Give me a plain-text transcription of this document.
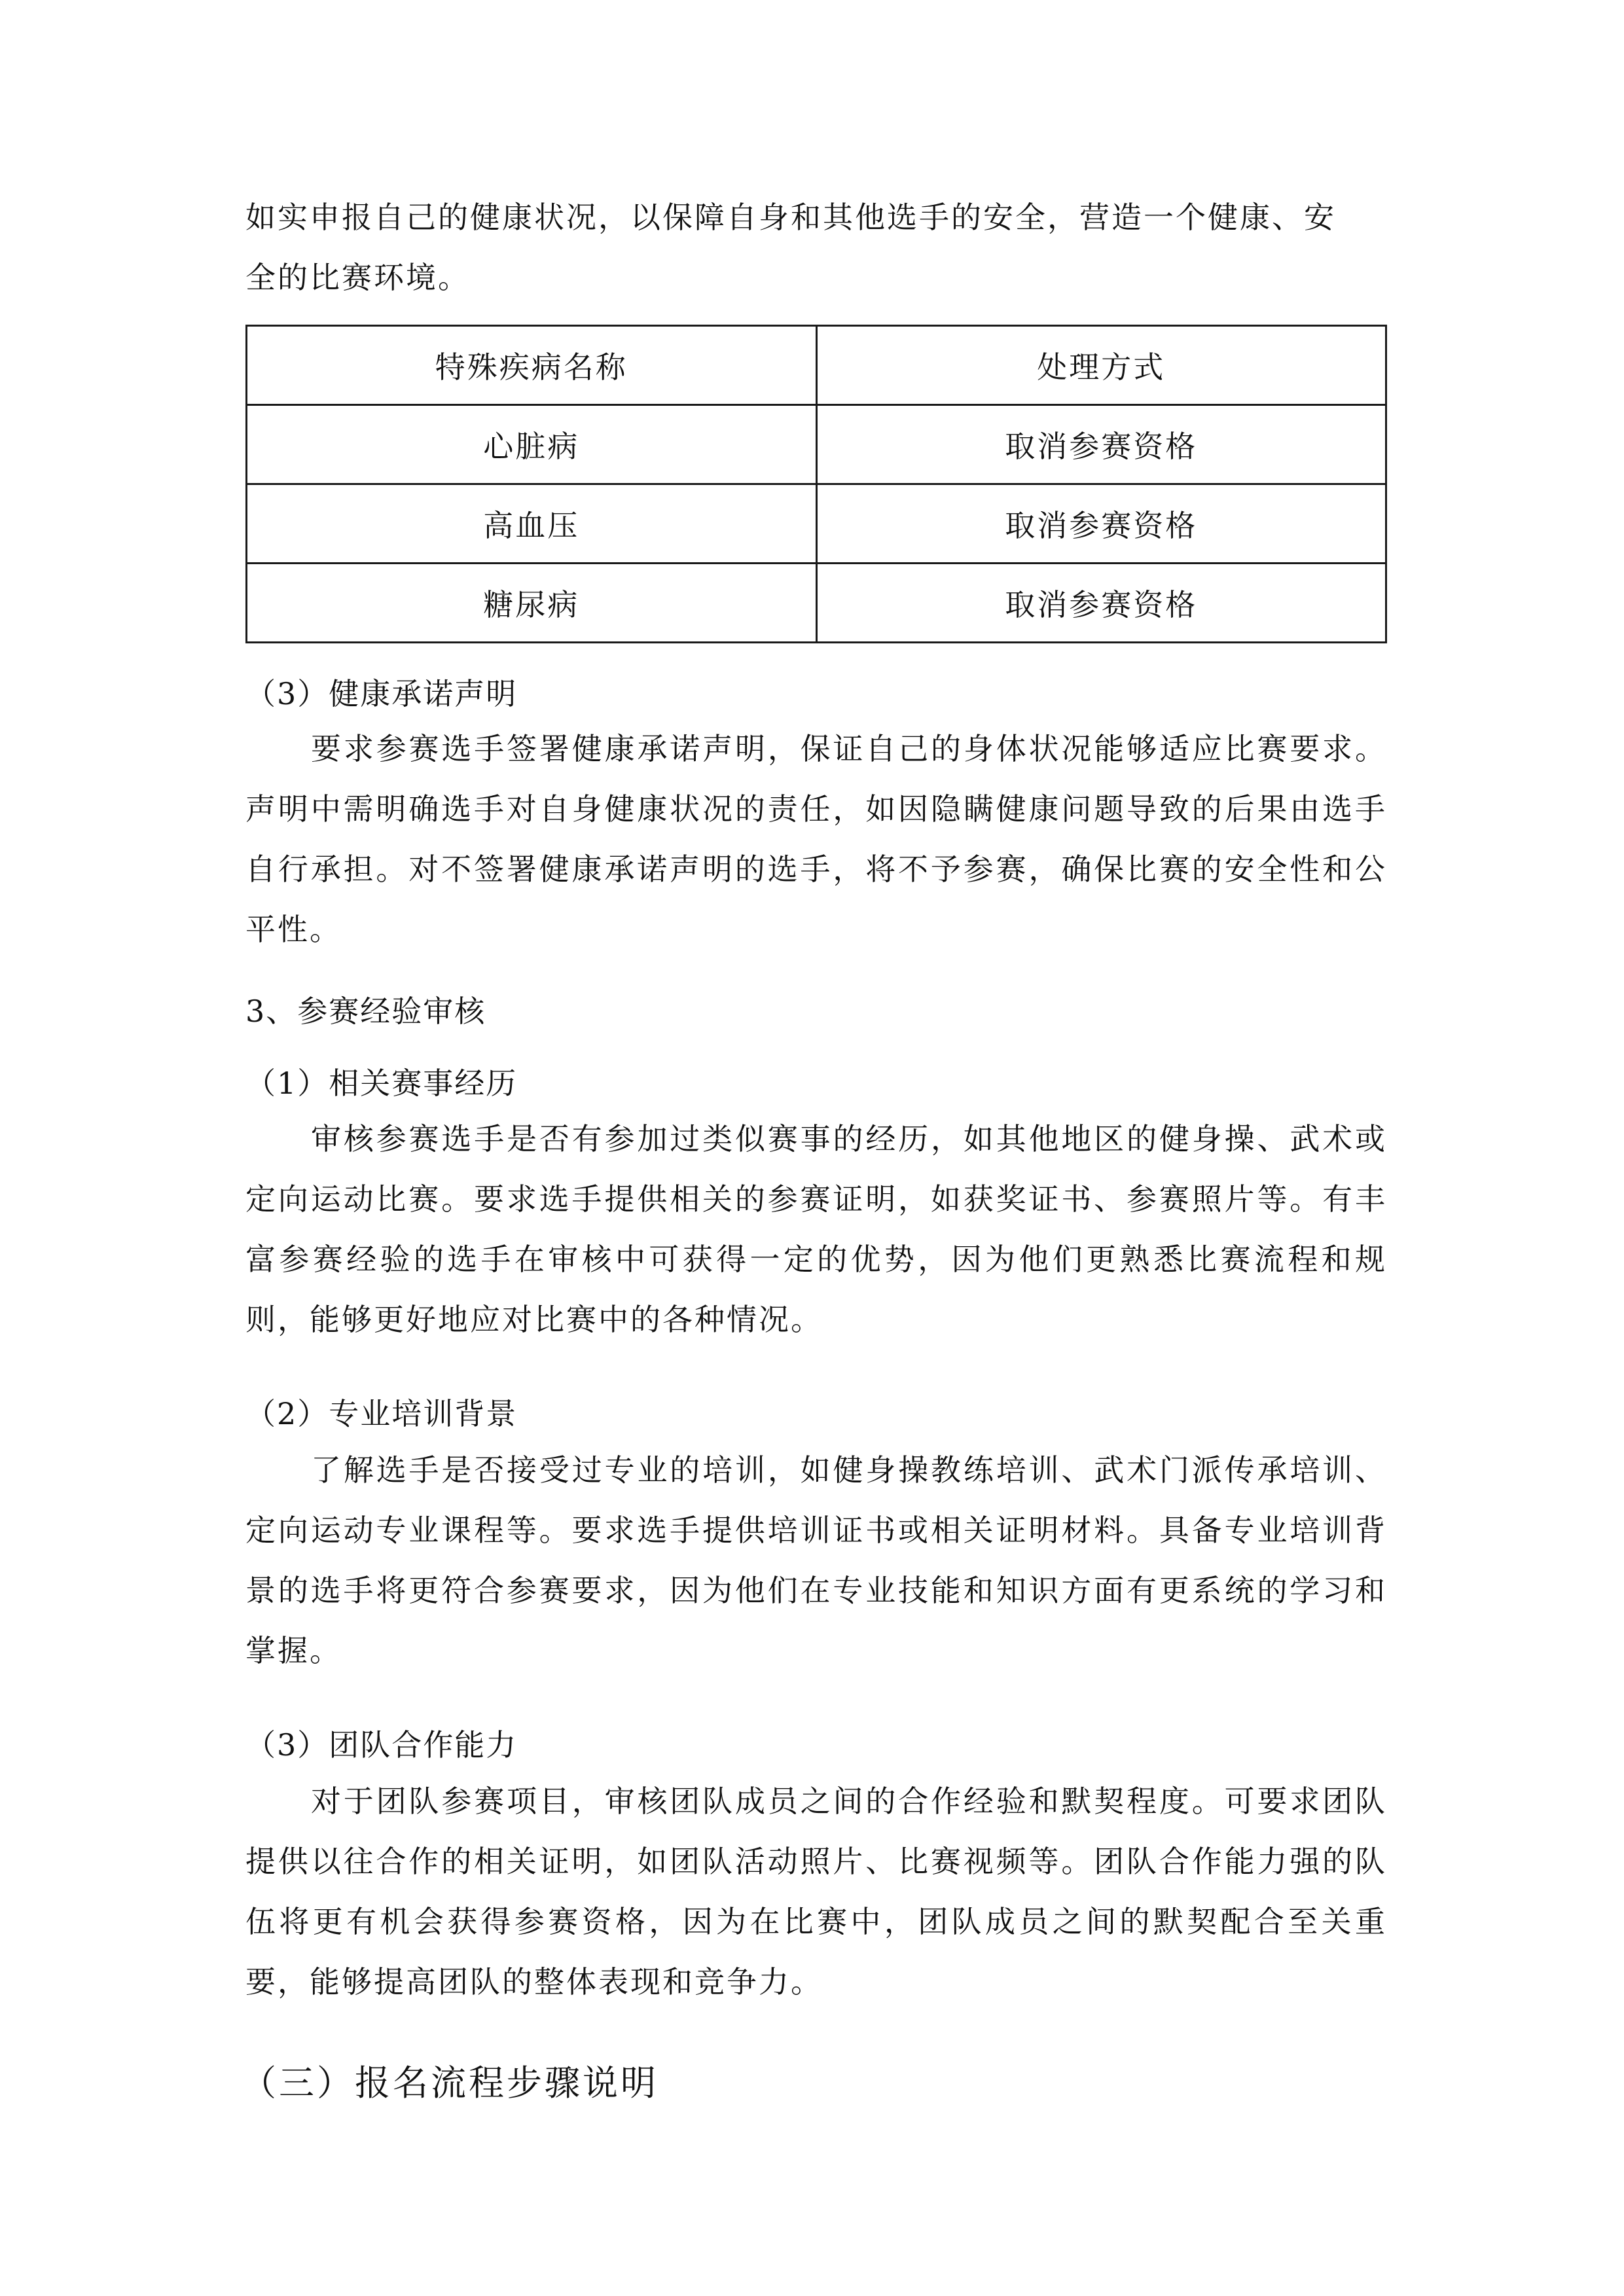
如实申报自己的健康状况，以保障自身和其他选手的安全，营造一个健康、安

全的比赛环境。

特殊疾病名称	处理方式
心脏病	取消参赛资格
高血压	取消参赛资格
糖尿病	取消参赛资格

（3）健康承诺声明

要求参赛选手签署健康承诺声明，保证自己的身体状况能够适应比赛要求。声明中需明确选手对自身健康状况的责任，如因隐瞒健康问题导致的后果由选手自行承担。对不签署健康承诺声明的选手，将不予参赛，确保比赛的安全性和公平性。

3、参赛经验审核

（1）相关赛事经历

审核参赛选手是否有参加过类似赛事的经历，如其他地区的健身操、武术或定向运动比赛。要求选手提供相关的参赛证明，如获奖证书、参赛照片等。有丰富参赛经验的选手在审核中可获得一定的优势，因为他们更熟悉比赛流程和规则，能够更好地应对比赛中的各种情况。

（2）专业培训背景

了解选手是否接受过专业的培训，如健身操教练培训、武术门派传承培训、定向运动专业课程等。要求选手提供培训证书或相关证明材料。具备专业培训背景的选手将更符合参赛要求，因为他们在专业技能和知识方面有更系统的学习和掌握。

（3）团队合作能力

对于团队参赛项目，审核团队成员之间的合作经验和默契程度。可要求团队提供以往合作的相关证明，如团队活动照片、比赛视频等。团队合作能力强的队伍将更有机会获得参赛资格，因为在比赛中，团队成员之间的默契配合至关重要，能够提高团队的整体表现和竞争力。

（三）报名流程步骤说明
